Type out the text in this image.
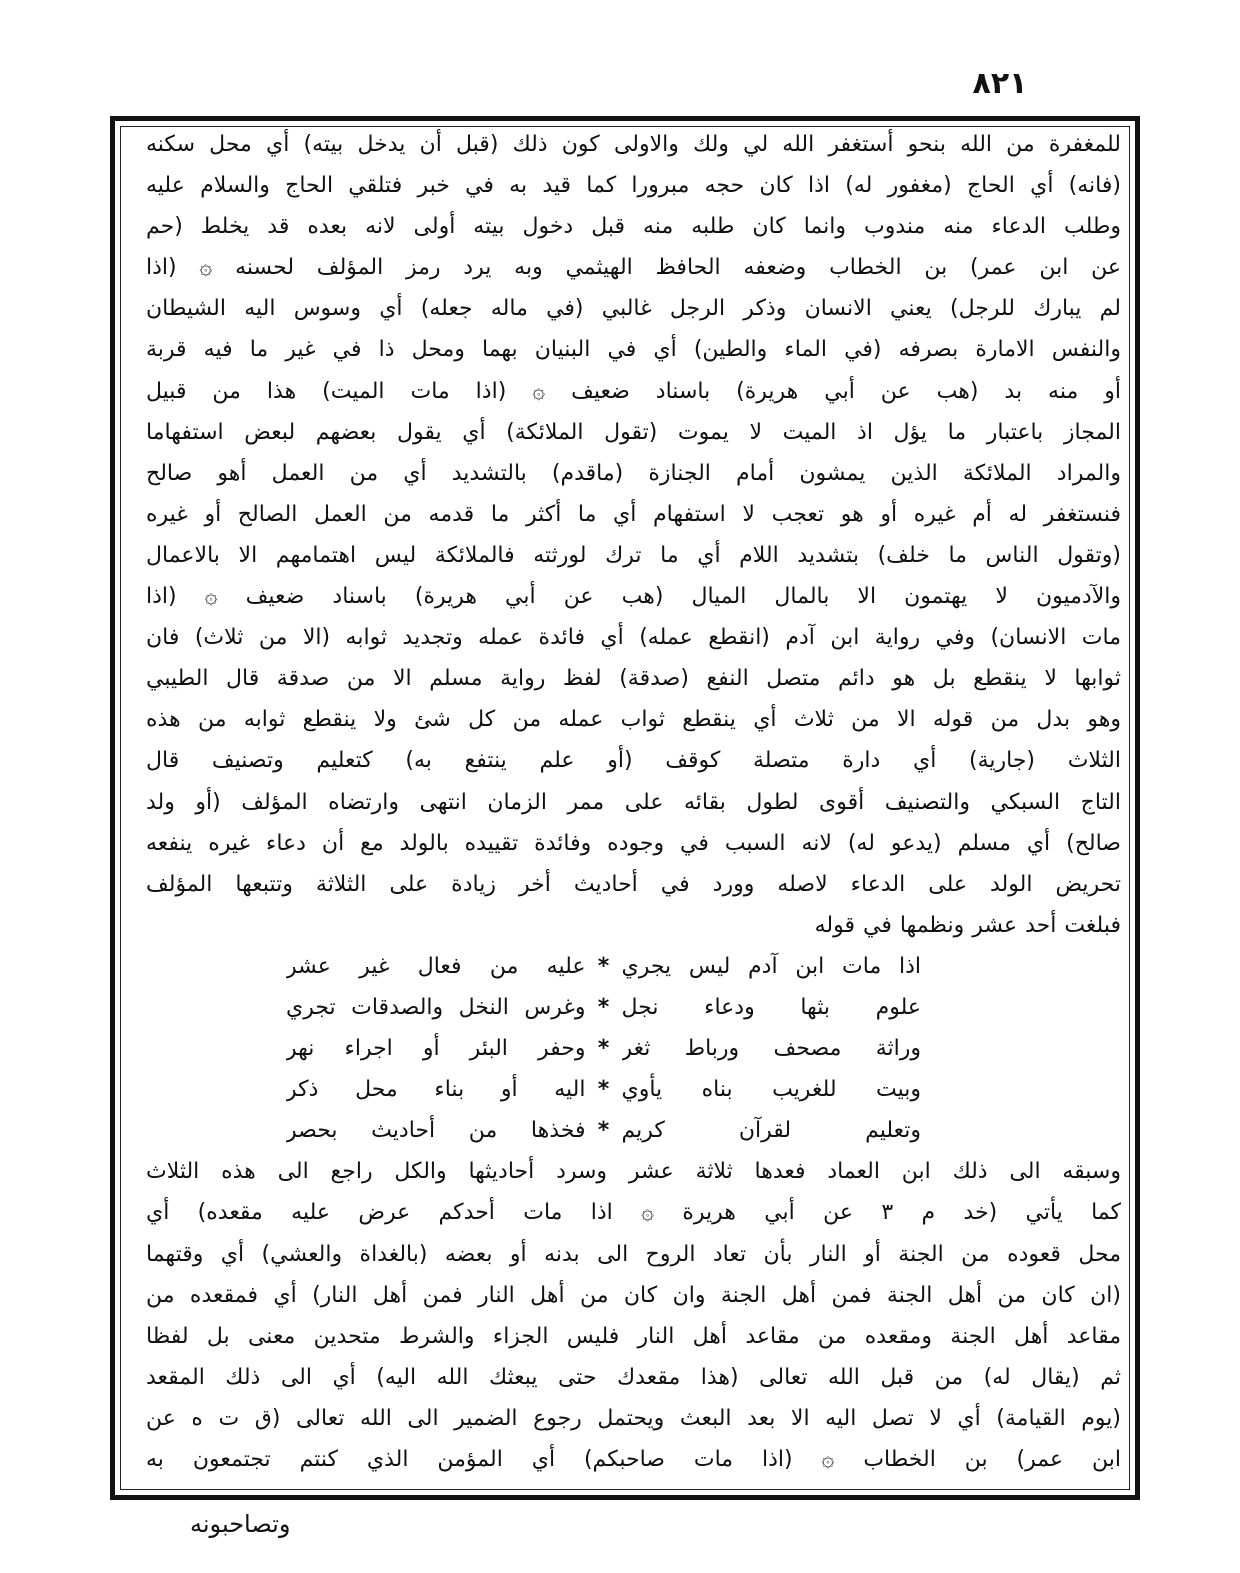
٨٢١
للمغفرة من الله بنحو أستغفر الله لي ولك والاولى كون ذلك (قبل أن يدخل بيته) أي محل سكنه
(فانه) أي الحاج (مغفور له) اذا كان حجه مبرورا كما قيد به في خبر فتلقي الحاج والسلام عليه
وطلب الدعاء منه مندوب وانما كان طلبه منه قبل دخول بيته أولى لانه بعده قد يخلط (حم
عن ابن عمر) بن الخطاب وضعفه الحافظ الهيثمي وبه يرد رمز المؤلف لحسنه ۞ (اذا
لم يبارك للرجل) يعني الانسان وذكر الرجل غالبي (في ماله جعله) أي وسوس اليه الشيطان
والنفس الامارة بصرفه (في الماء والطين) أي في البنيان بهما ومحل ذا في غير ما فيه قربة
أو منه بد (هب عن أبي هريرة) باسناد ضعيف ۞ (اذا مات الميت) هذا من قبيل
المجاز باعتبار ما يؤل اذ الميت لا يموت (تقول الملائكة) أي يقول بعضهم لبعض استفهاما
والمراد الملائكة الذين يمشون أمام الجنازة (ماقدم) بالتشديد أي من العمل أهو صالح
فنستغفر له أم غيره أو هو تعجب لا استفهام أي ما أكثر ما قدمه من العمل الصالح أو غيره
(وتقول الناس ما خلف) بتشديد اللام أي ما ترك لورثته فالملائكة ليس اهتمامهم الا بالاعمال
والآدميون لا يهتمون الا بالمال الميال (هب عن أبي هريرة) باسناد ضعيف ۞ (اذا
مات الانسان) وفي رواية ابن آدم (انقطع عمله) أي فائدة عمله وتجديد ثوابه (الا من ثلاث) فان
ثوابها لا ينقطع بل هو دائم متصل النفع (صدقة) لفظ رواية مسلم الا من صدقة قال الطيبي
وهو بدل من قوله الا من ثلاث أي ينقطع ثواب عمله من كل شئ ولا ينقطع ثوابه من هذه
الثلاث (جارية) أي دارة متصلة كوقف (أو علم ينتفع به) كتعليم وتصنيف قال
التاج السبكي والتصنيف أقوى لطول بقائه على ممر الزمان انتهى وارتضاه المؤلف (أو ولد
صالح) أي مسلم (يدعو له) لانه السبب في وجوده وفائدة تقييده بالولد مع أن دعاء غيره ينفعه
تحريض الولد على الدعاء لاصله وورد في أحاديث أخر زيادة على الثلاثة وتتبعها المؤلف
فبلغت أحد عشر ونظمها في قوله
اذا مات ابن آدم ليس يجري
*
عليه من فعال غير عشر
علوم بثها ودعاء نجل
*
وغرس النخل والصدقات تجري
وراثة مصحف ورباط ثغر
*
وحفر البئر أو اجراء نهر
وبيت للغريب بناه يأوي
*
اليه أو بناء محل ذكر
وتعليم لقرآن كريم
*
فخذها من أحاديث بحصر
وسبقه الى ذلك ابن العماد فعدها ثلاثة عشر وسرد أحاديثها والكل راجع الى هذه الثلاث
كما يأتي (خد م ٣ عن أبي هريرة ۞ اذا مات أحدكم عرض عليه مقعده) أي
محل قعوده من الجنة أو النار بأن تعاد الروح الى بدنه أو بعضه (بالغداة والعشي) أي وقتهما
(ان كان من أهل الجنة فمن أهل الجنة وان كان من أهل النار فمن أهل النار) أي فمقعده من
مقاعد أهل الجنة ومقعده من مقاعد أهل النار فليس الجزاء والشرط متحدين معنى بل لفظا
ثم (يقال له) من قبل الله تعالى (هذا مقعدك حتى يبعثك الله اليه) أي الى ذلك المقعد
(يوم القيامة) أي لا تصل اليه الا بعد البعث ويحتمل رجوع الضمير الى الله تعالى (ق ت ه عن
ابن عمر) بن الخطاب ۞ (اذا مات صاحبكم) أي المؤمن الذي كنتم تجتمعون به
وتصاحبونه
